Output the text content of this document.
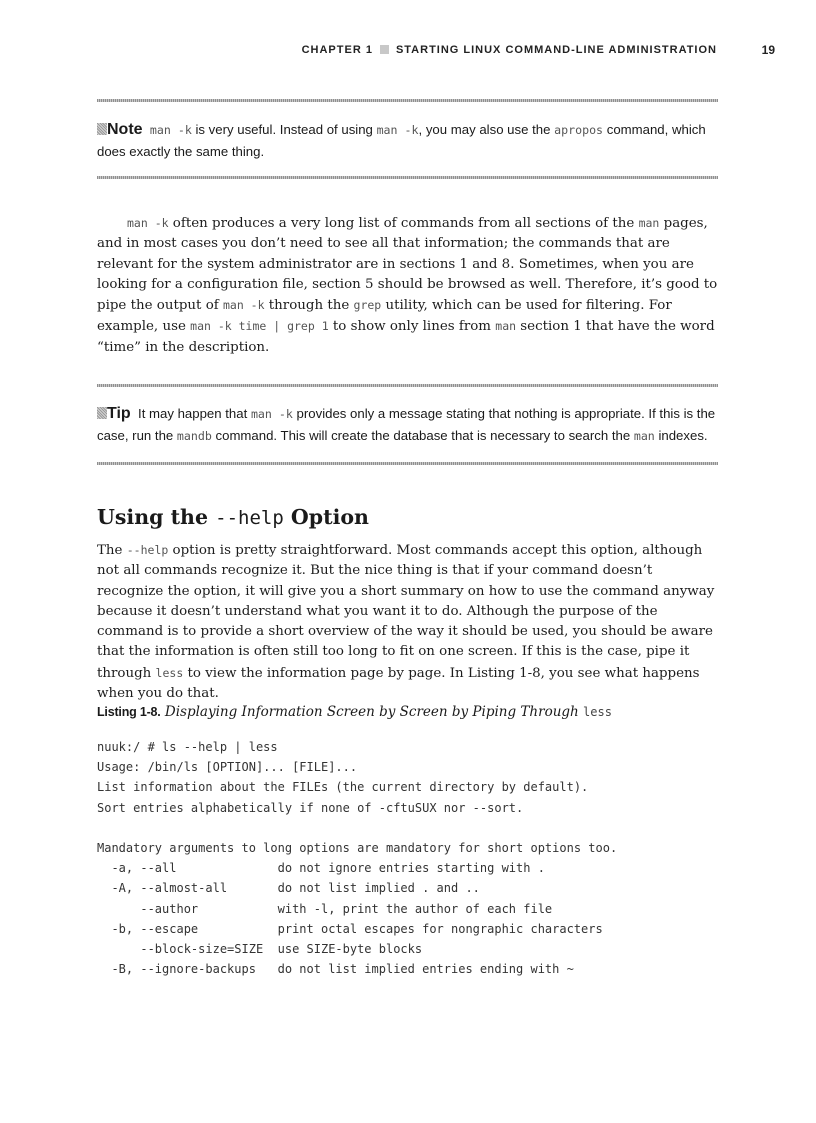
CHAPTER 1 STARTING LINUX COMMAND-LINE ADMINISTRATION	19
Note man -k is very useful. Instead of using man -k, you may also use the apropos command, which does exactly the same thing.

man -k often produces a very long list of commands from all sections of the man pages, and in most cases you don’t need to see all that information; the commands that are relevant for the system administrator are in sections 1 and 8. Sometimes, when you are looking for a configuration file, section 5 should be browsed as well. Therefore, it’s good to pipe the output of man -k through the grep utility, which can be used for filtering. For example, use man -k time | grep 1 to show only lines from man section 1 that have the word “time” in the description.

Tip It may happen that man -k provides only a message stating that nothing is appropriate. If this is the case, run the mandb command. This will create the database that is necessary to search the man indexes.
Using the --help Option

The --help option is pretty straightforward. Most commands accept this option, although not all commands recognize it. But the nice thing is that if your command doesn’t recognize the option, it will give you a short summary on how to use the command anyway because it doesn’t understand what you want it to do. Although the purpose of the command is to provide a short overview of the way it should be used, you should be aware that the information is often still too long to fit on one screen. If this is the case, pipe it through less to view the information page by page. In Listing 1-8, you see what happens when you do that.

Listing 1-8. Displaying Information Screen by Screen by Piping Through less
nuuk:/ # ls --help | less
Usage: /bin/ls [OPTION]... [FILE]...
List information about the FILEs (the current directory by default).
Sort entries alphabetically if none of -cftuSUX nor --sort.
Mandatory arguments to long options are mandatory for short options too.
-a, --all              do not ignore entries starting with .
-A, --almost-all       do not list implied . and ..
--author           with -l, print the author of each file
-b, --escape           print octal escapes for nongraphic characters
--block-size=SIZE  use SIZE-byte blocks
-B, --ignore-backups   do not list implied entries ending with ~
